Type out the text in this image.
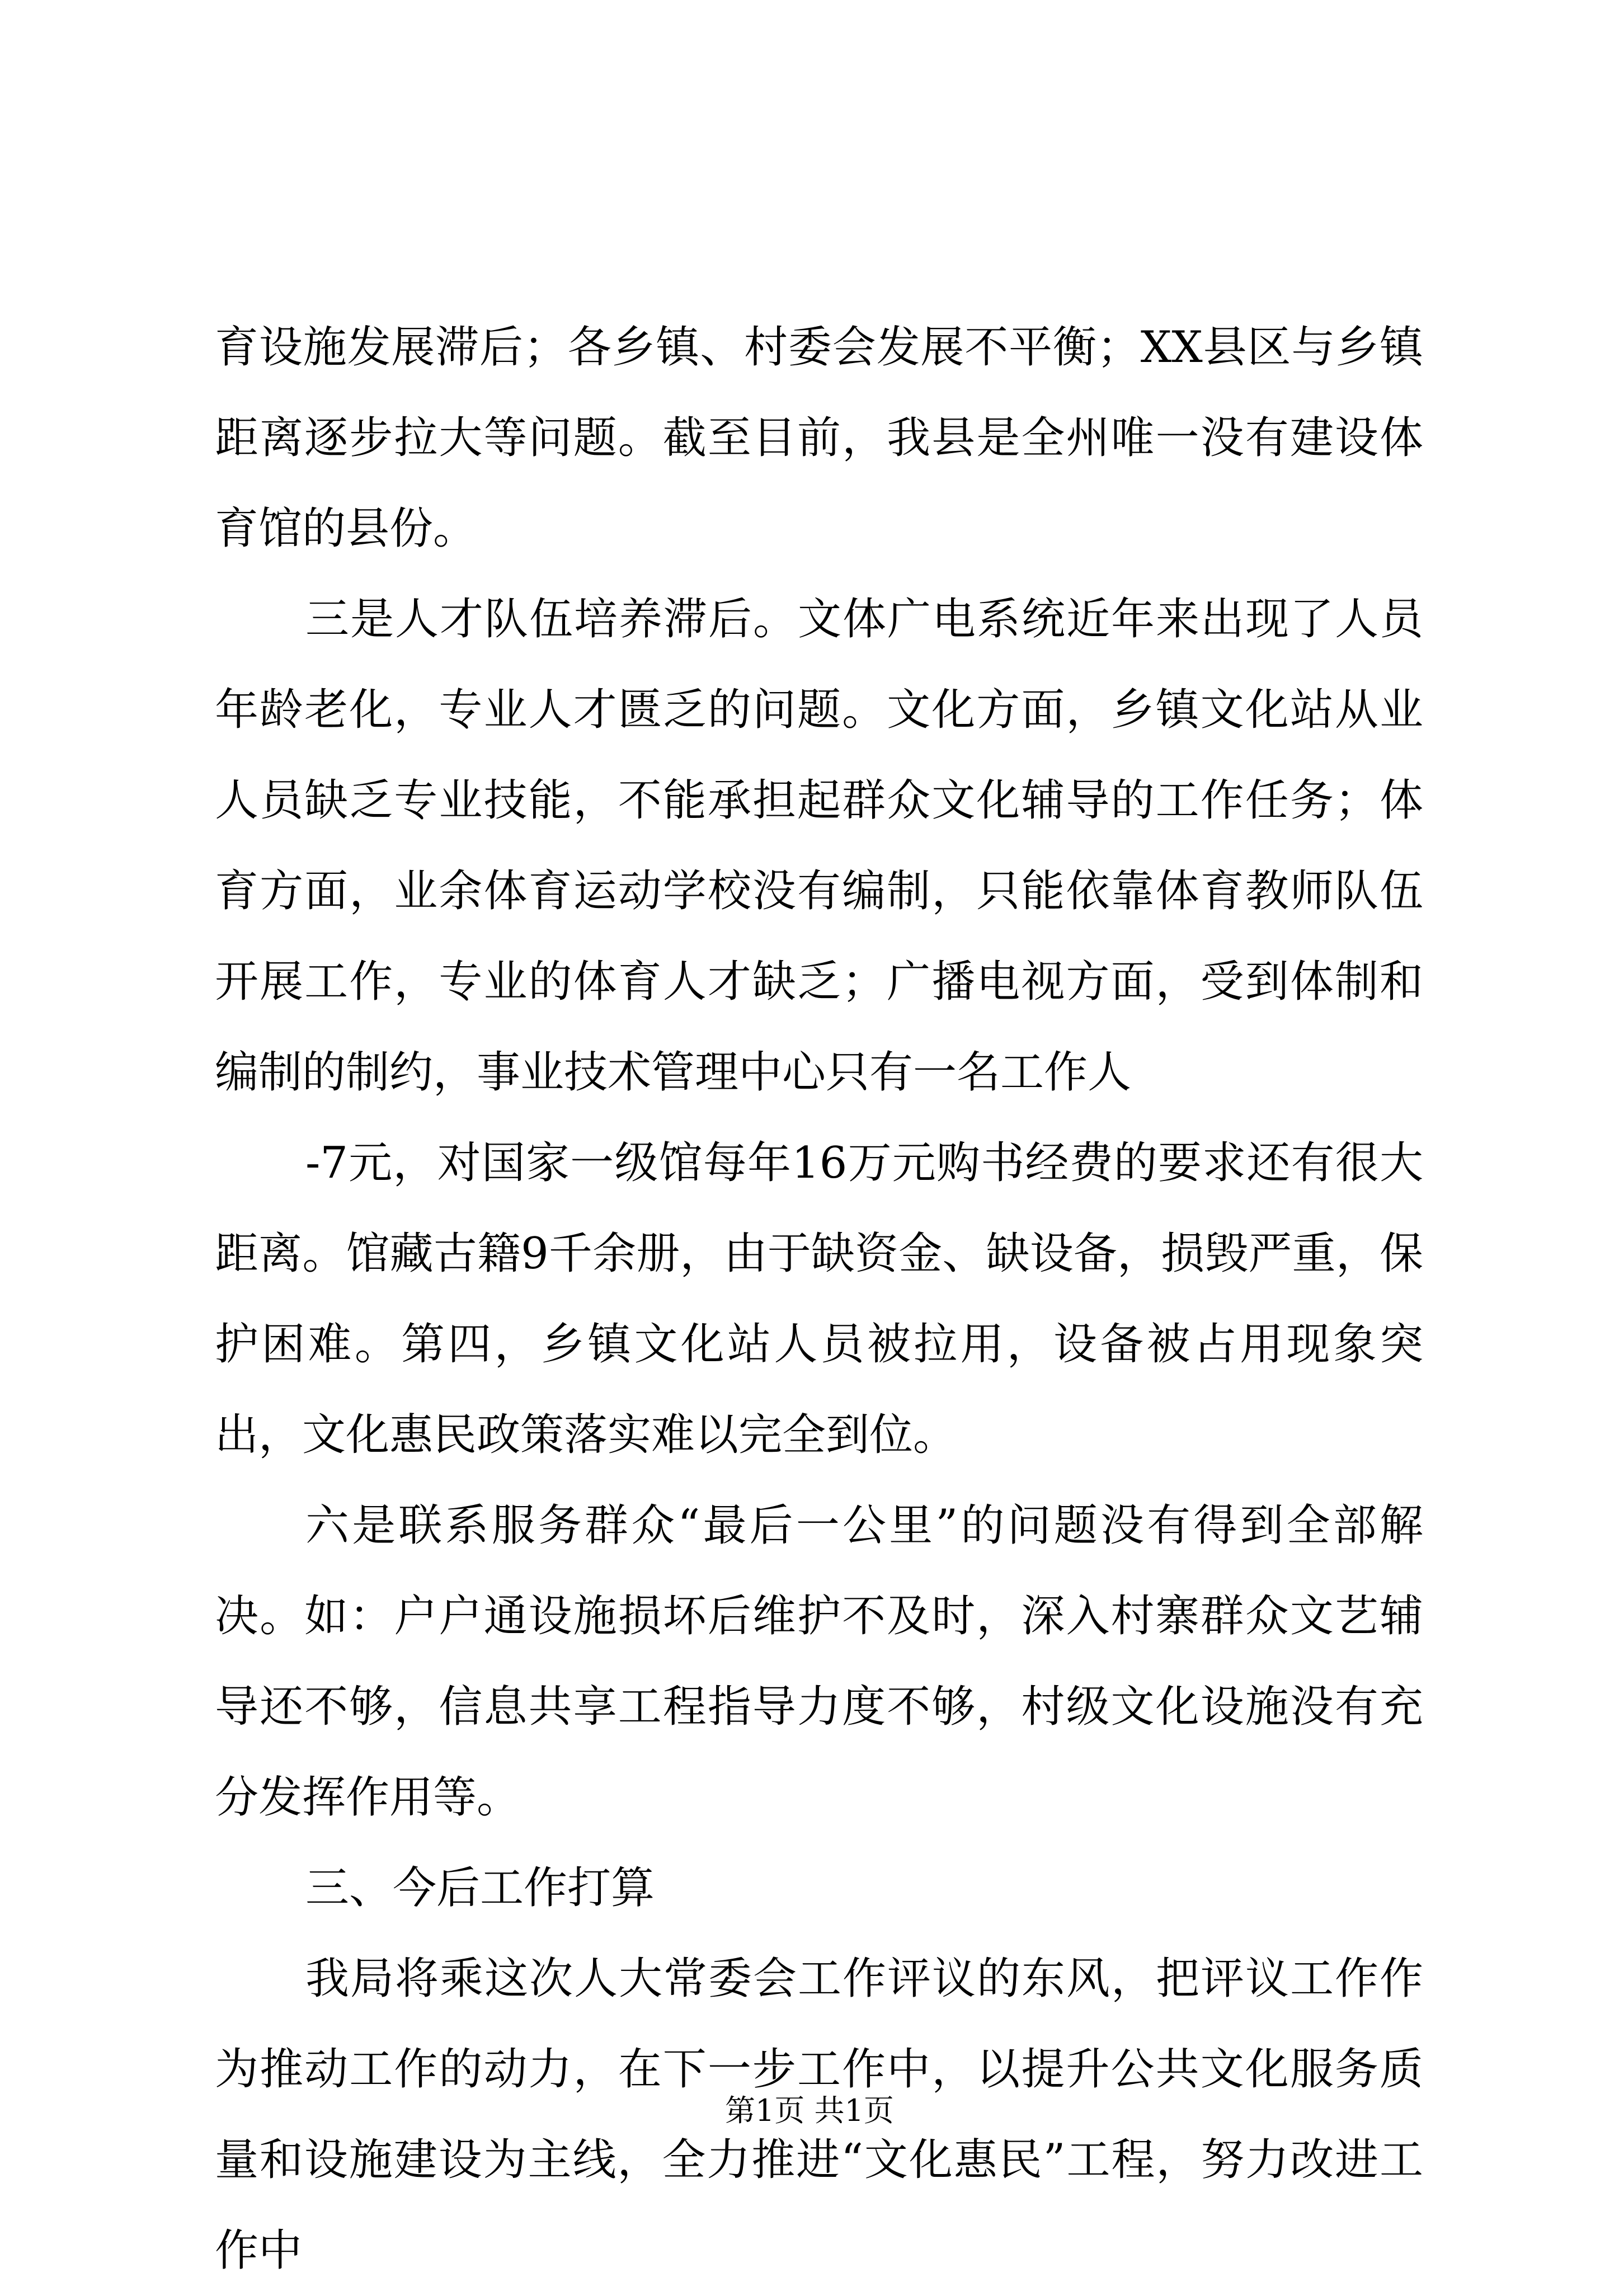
育设施发展滞后；各乡镇、村委会发展不平衡；XX县区与乡镇距离逐步拉大等问题。截至目前，我县是全州唯一没有建设体育馆的县份。

三是人才队伍培养滞后。文体广电系统近年来出现了人员年龄老化，专业人才匮乏的问题。文化方面，乡镇文化站从业人员缺乏专业技能，不能承担起群众文化辅导的工作任务；体育方面，业余体育运动学校没有编制，只能依靠体育教师队伍开展工作，专业的体育人才缺乏；广播电视方面，受到体制和编制的制约，事业技术管理中心只有一名工作人

-7元，对国家一级馆每年16万元购书经费的要求还有很大距离。馆藏古籍9千余册，由于缺资金、缺设备，损毁严重，保护困难。第四，乡镇文化站人员被拉用，设备被占用现象突出，文化惠民政策落实难以完全到位。

六是联系服务群众“最后一公里”的问题没有得到全部解决。如：户户通设施损坏后维护不及时，深入村寨群众文艺辅导还不够，信息共享工程指导力度不够，村级文化设施没有充分发挥作用等。

三、今后工作打算

我局将乘这次人大常委会工作评议的东风，把评议工作作为推动工作的动力，在下一步工作中，以提升公共文化服务质量和设施建设为主线，全力推进“文化惠民”工程，努力改进工作中

第1页 共1页
